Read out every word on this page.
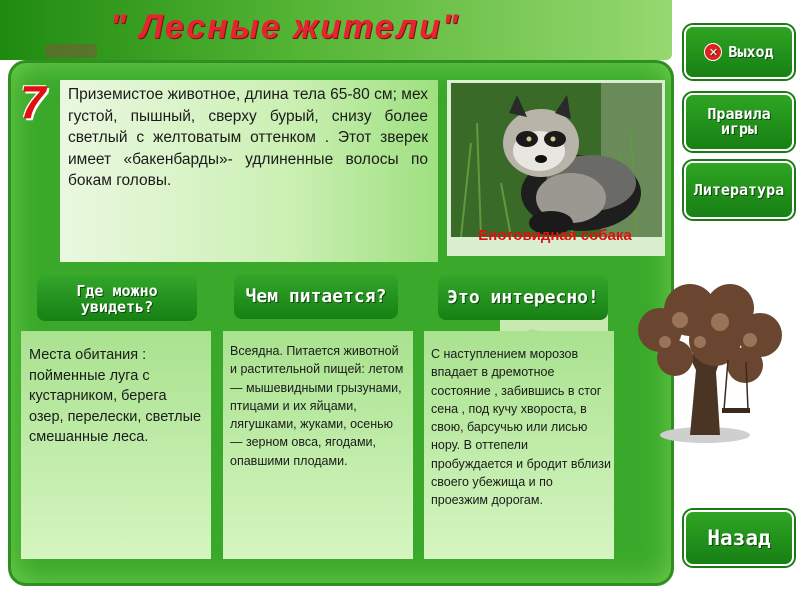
" Лесные жители"
7 Приземистое животное, длина тела 65-80 см; мех густой, пышный, сверху бурый, снизу более светлый с желтоватым оттенком . Этот зверек имеет «бакенбарды»- удлиненные волосы по бокам головы.
Енотовидная собака
Где можно увидеть?	Чем питается?	Это интересно!
Места обитания : пойменные луга с кустарником, берега озер, перелески, светлые смешанные леса.
Всеядна. Питается животной и растительной пищей: летом — мышевидными грызунами, птицами и их яйцами, лягушками, жуками, осенью — зерном овса, ягодами, опавшими плодами.
С наступлением морозов впадает в дремотное состояние , забившись в стог сена , под кучу хвороста, в свою, барсучью или лисью нору. В оттепели пробуждается и бродит вблизи своего убежища и по проезжим дорогам.
✕ Выход
Правила игры
Литература
Назад
